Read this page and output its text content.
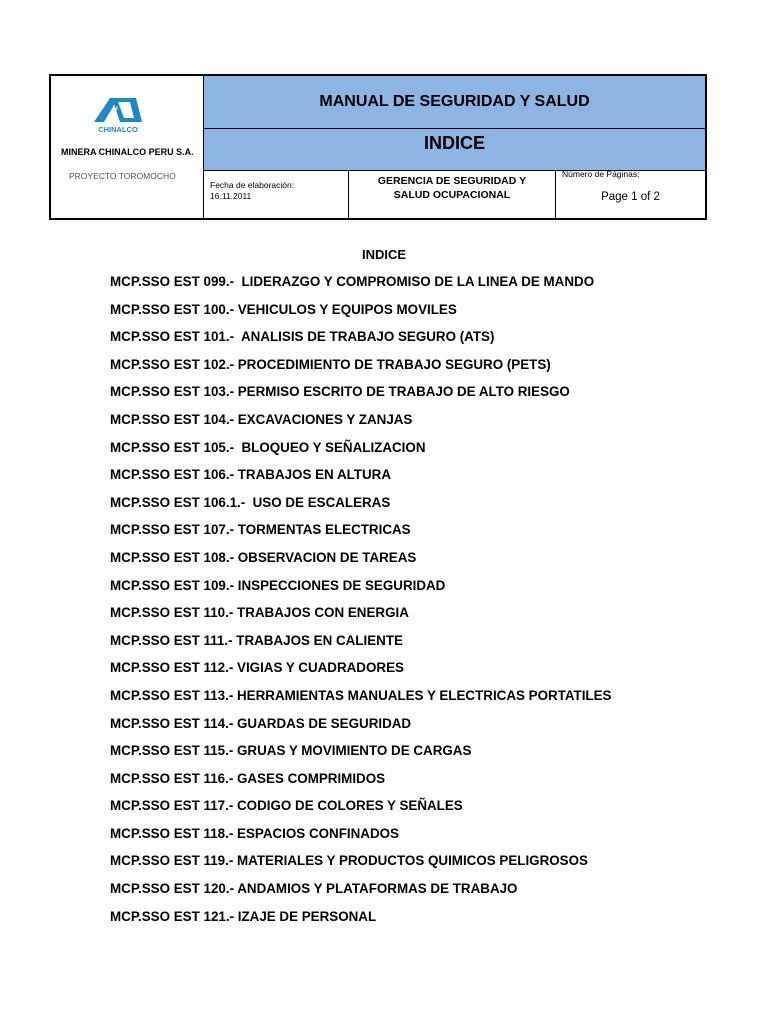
CHINALCO
MINERA CHINALCO PERU S.A.
PROYECTO TOROMOCHO
MANUAL DE SEGURIDAD Y SALUD
INDICE
Fecha de elaboración:
16.11.2011
GERENCIA DE SEGURIDAD Y
SALUD OCUPACIONAL
Número de Páginas:
Page 1 of 2
INDICE
MCP.SSO EST 099.-  LIDERAZGO Y COMPROMISO DE LA LINEA DE MANDO
MCP.SSO EST 100.- VEHICULOS Y EQUIPOS MOVILES
MCP.SSO EST 101.-  ANALISIS DE TRABAJO SEGURO (ATS)
MCP.SSO EST 102.- PROCEDIMIENTO DE TRABAJO SEGURO (PETS)
MCP.SSO EST 103.- PERMISO ESCRITO DE TRABAJO DE ALTO RIESGO
MCP.SSO EST 104.- EXCAVACIONES Y ZANJAS
MCP.SSO EST 105.-  BLOQUEO Y SEÑALIZACION
MCP.SSO EST 106.- TRABAJOS EN ALTURA
MCP.SSO EST 106.1.-  USO DE ESCALERAS
MCP.SSO EST 107.- TORMENTAS ELECTRICAS
MCP.SSO EST 108.- OBSERVACION DE TAREAS
MCP.SSO EST 109.- INSPECCIONES DE SEGURIDAD
MCP.SSO EST 110.- TRABAJOS CON ENERGIA
MCP.SSO EST 111.- TRABAJOS EN CALIENTE
MCP.SSO EST 112.- VIGIAS Y CUADRADORES
MCP.SSO EST 113.- HERRAMIENTAS MANUALES Y ELECTRICAS PORTATILES
MCP.SSO EST 114.- GUARDAS DE SEGURIDAD
MCP.SSO EST 115.- GRUAS Y MOVIMIENTO DE CARGAS
MCP.SSO EST 116.- GASES COMPRIMIDOS
MCP.SSO EST 117.- CODIGO DE COLORES Y SEÑALES
MCP.SSO EST 118.- ESPACIOS CONFINADOS
MCP.SSO EST 119.- MATERIALES Y PRODUCTOS QUIMICOS PELIGROSOS
MCP.SSO EST 120.- ANDAMIOS Y PLATAFORMAS DE TRABAJO
MCP.SSO EST 121.- IZAJE DE PERSONAL
